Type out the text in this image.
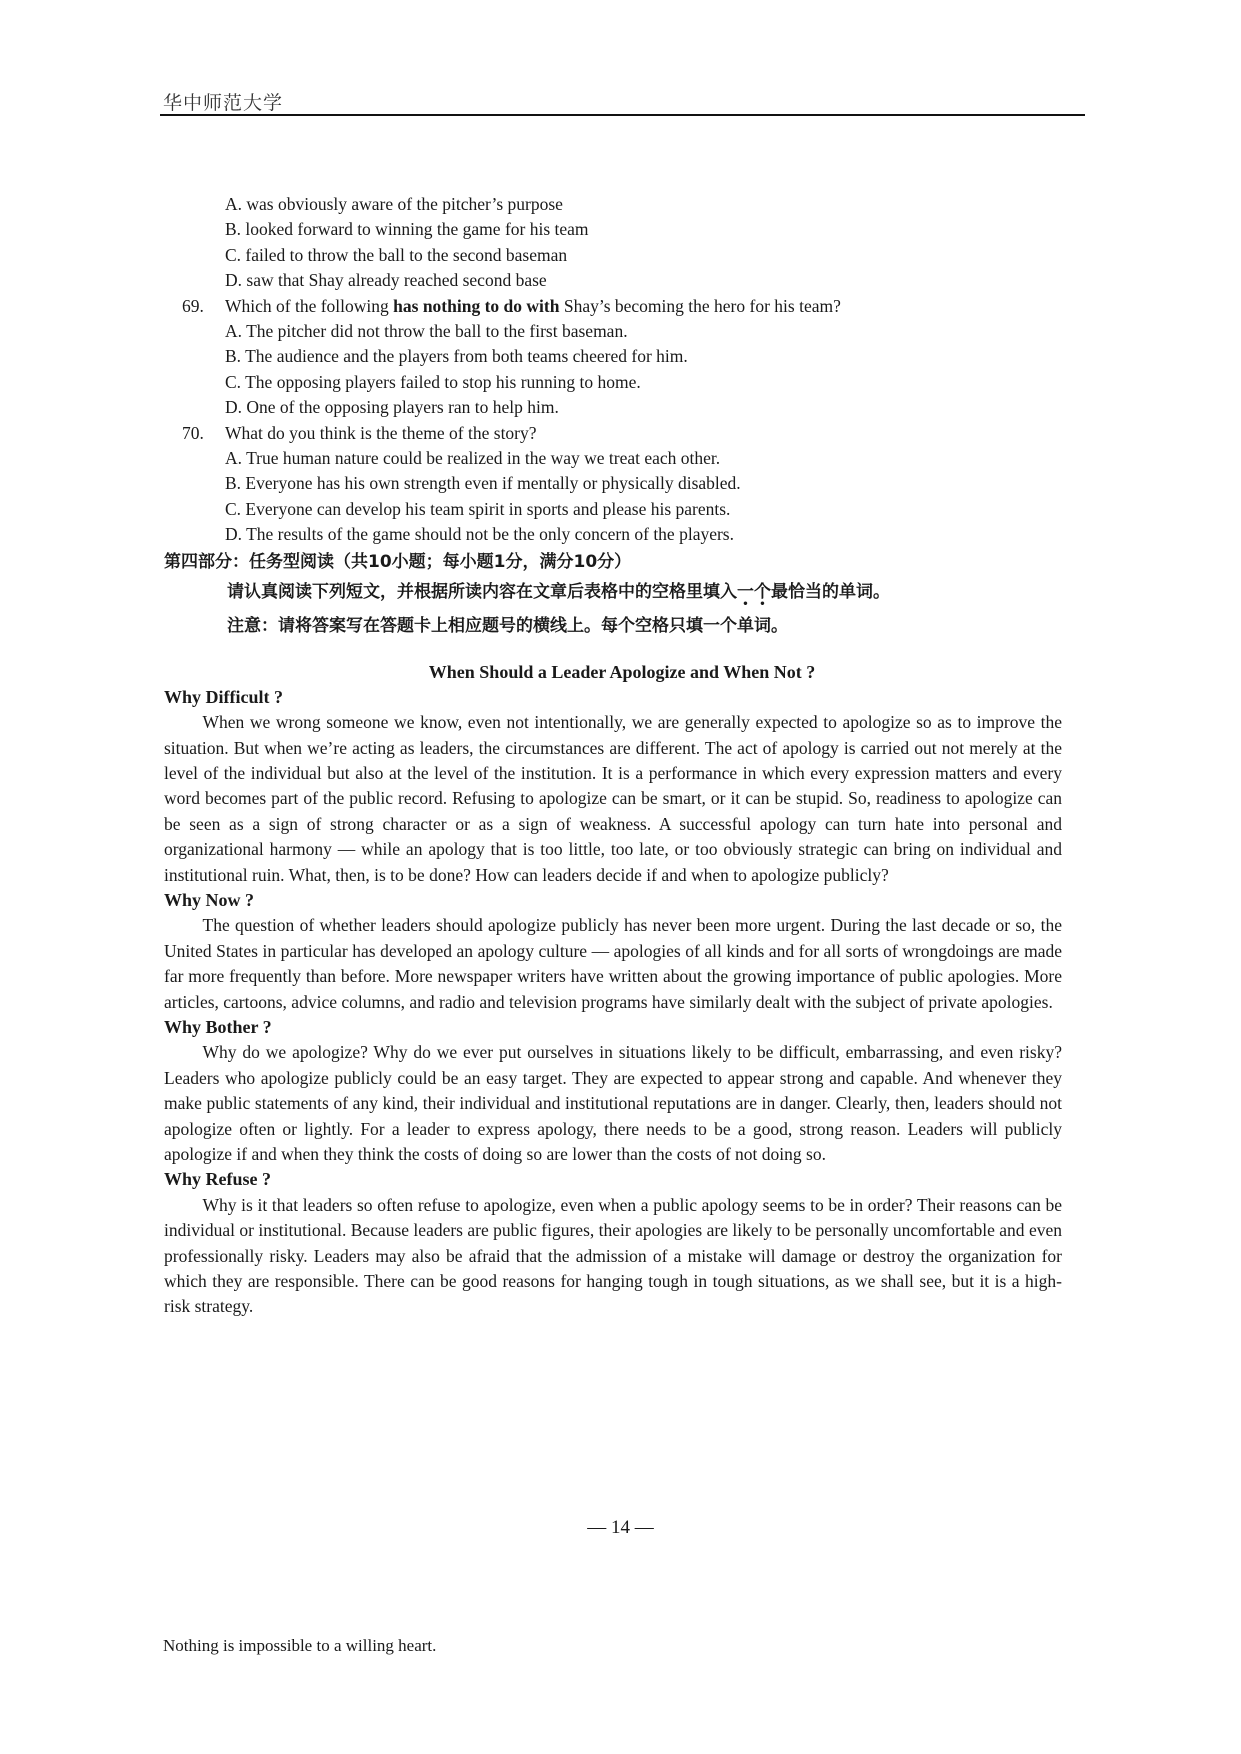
华中师范大学
A. was obviously aware of the pitcher’s purpose
B. looked forward to winning the game for his team
C. failed to throw the ball to the second baseman
D. saw that Shay already reached second base
69. Which of the following has nothing to do with Shay’s becoming the hero for his team?
A. The pitcher did not throw the ball to the first baseman.
B. The audience and the players from both teams cheered for him.
C. The opposing players failed to stop his running to home.
D. One of the opposing players ran to help him.
70. What do you think is the theme of the story?
A. True human nature could be realized in the way we treat each other.
B. Everyone has his own strength even if mentally or physically disabled.
C. Everyone can develop his team spirit in sports and please his parents.
D. The results of the game should not be the only concern of the players.
第四部分：任务型阅读（共10小题；每小题1分，满分10分）
请认真阅读下列短文，并根据所读内容在文章后表格中的空格里填入一个最恰当的单词。
注意：请将答案写在答题卡上相应题号的横线上。每个空格只填一个单词。
When Should a Leader Apologize and When Not ?
Why Difficult ?

When we wrong someone we know, even not intentionally, we are generally expected to apologize so as to improve the situation. But when we’re acting as leaders, the circumstances are different. The act of apology is carried out not merely at the level of the individual but also at the level of the institution. It is a performance in which every expression matters and every word becomes part of the public record. Refusing to apologize can be smart, or it can be stupid. So, readiness to apologize can be seen as a sign of strong character or as a sign of weakness. A successful apology can turn hate into personal and organizational harmony — while an apology that is too little, too late, or too obviously strategic can bring on individual and institutional ruin. What, then, is to be done? How can leaders decide if and when to apologize publicly?

Why Now ?

The question of whether leaders should apologize publicly has never been more urgent. During the last decade or so, the United States in particular has developed an apology culture — apologies of all kinds and for all sorts of wrongdoings are made far more frequently than before. More newspaper writers have written about the growing importance of public apologies. More articles, cartoons, advice columns, and radio and television programs have similarly dealt with the subject of private apologies.

Why Bother ?

Why do we apologize? Why do we ever put ourselves in situations likely to be difficult, embarrassing, and even risky? Leaders who apologize publicly could be an easy target. They are expected to appear strong and capable. And whenever they make public statements of any kind, their individual and institutional reputations are in danger. Clearly, then, leaders should not apologize often or lightly. For a leader to express apology, there needs to be a good, strong reason. Leaders will publicly apologize if and when they think the costs of doing so are lower than the costs of not doing so.

Why Refuse ?

Why is it that leaders so often refuse to apologize, even when a public apology seems to be in order? Their reasons can be individual or institutional. Because leaders are public figures, their apologies are likely to be personally uncomfortable and even professionally risky. Leaders may also be afraid that the admission of a mistake will damage or destroy the organization for which they are responsible. There can be good reasons for hanging tough in tough situations, as we shall see, but it is a high-risk strategy.

— 14 —
Nothing is impossible to a willing heart.
